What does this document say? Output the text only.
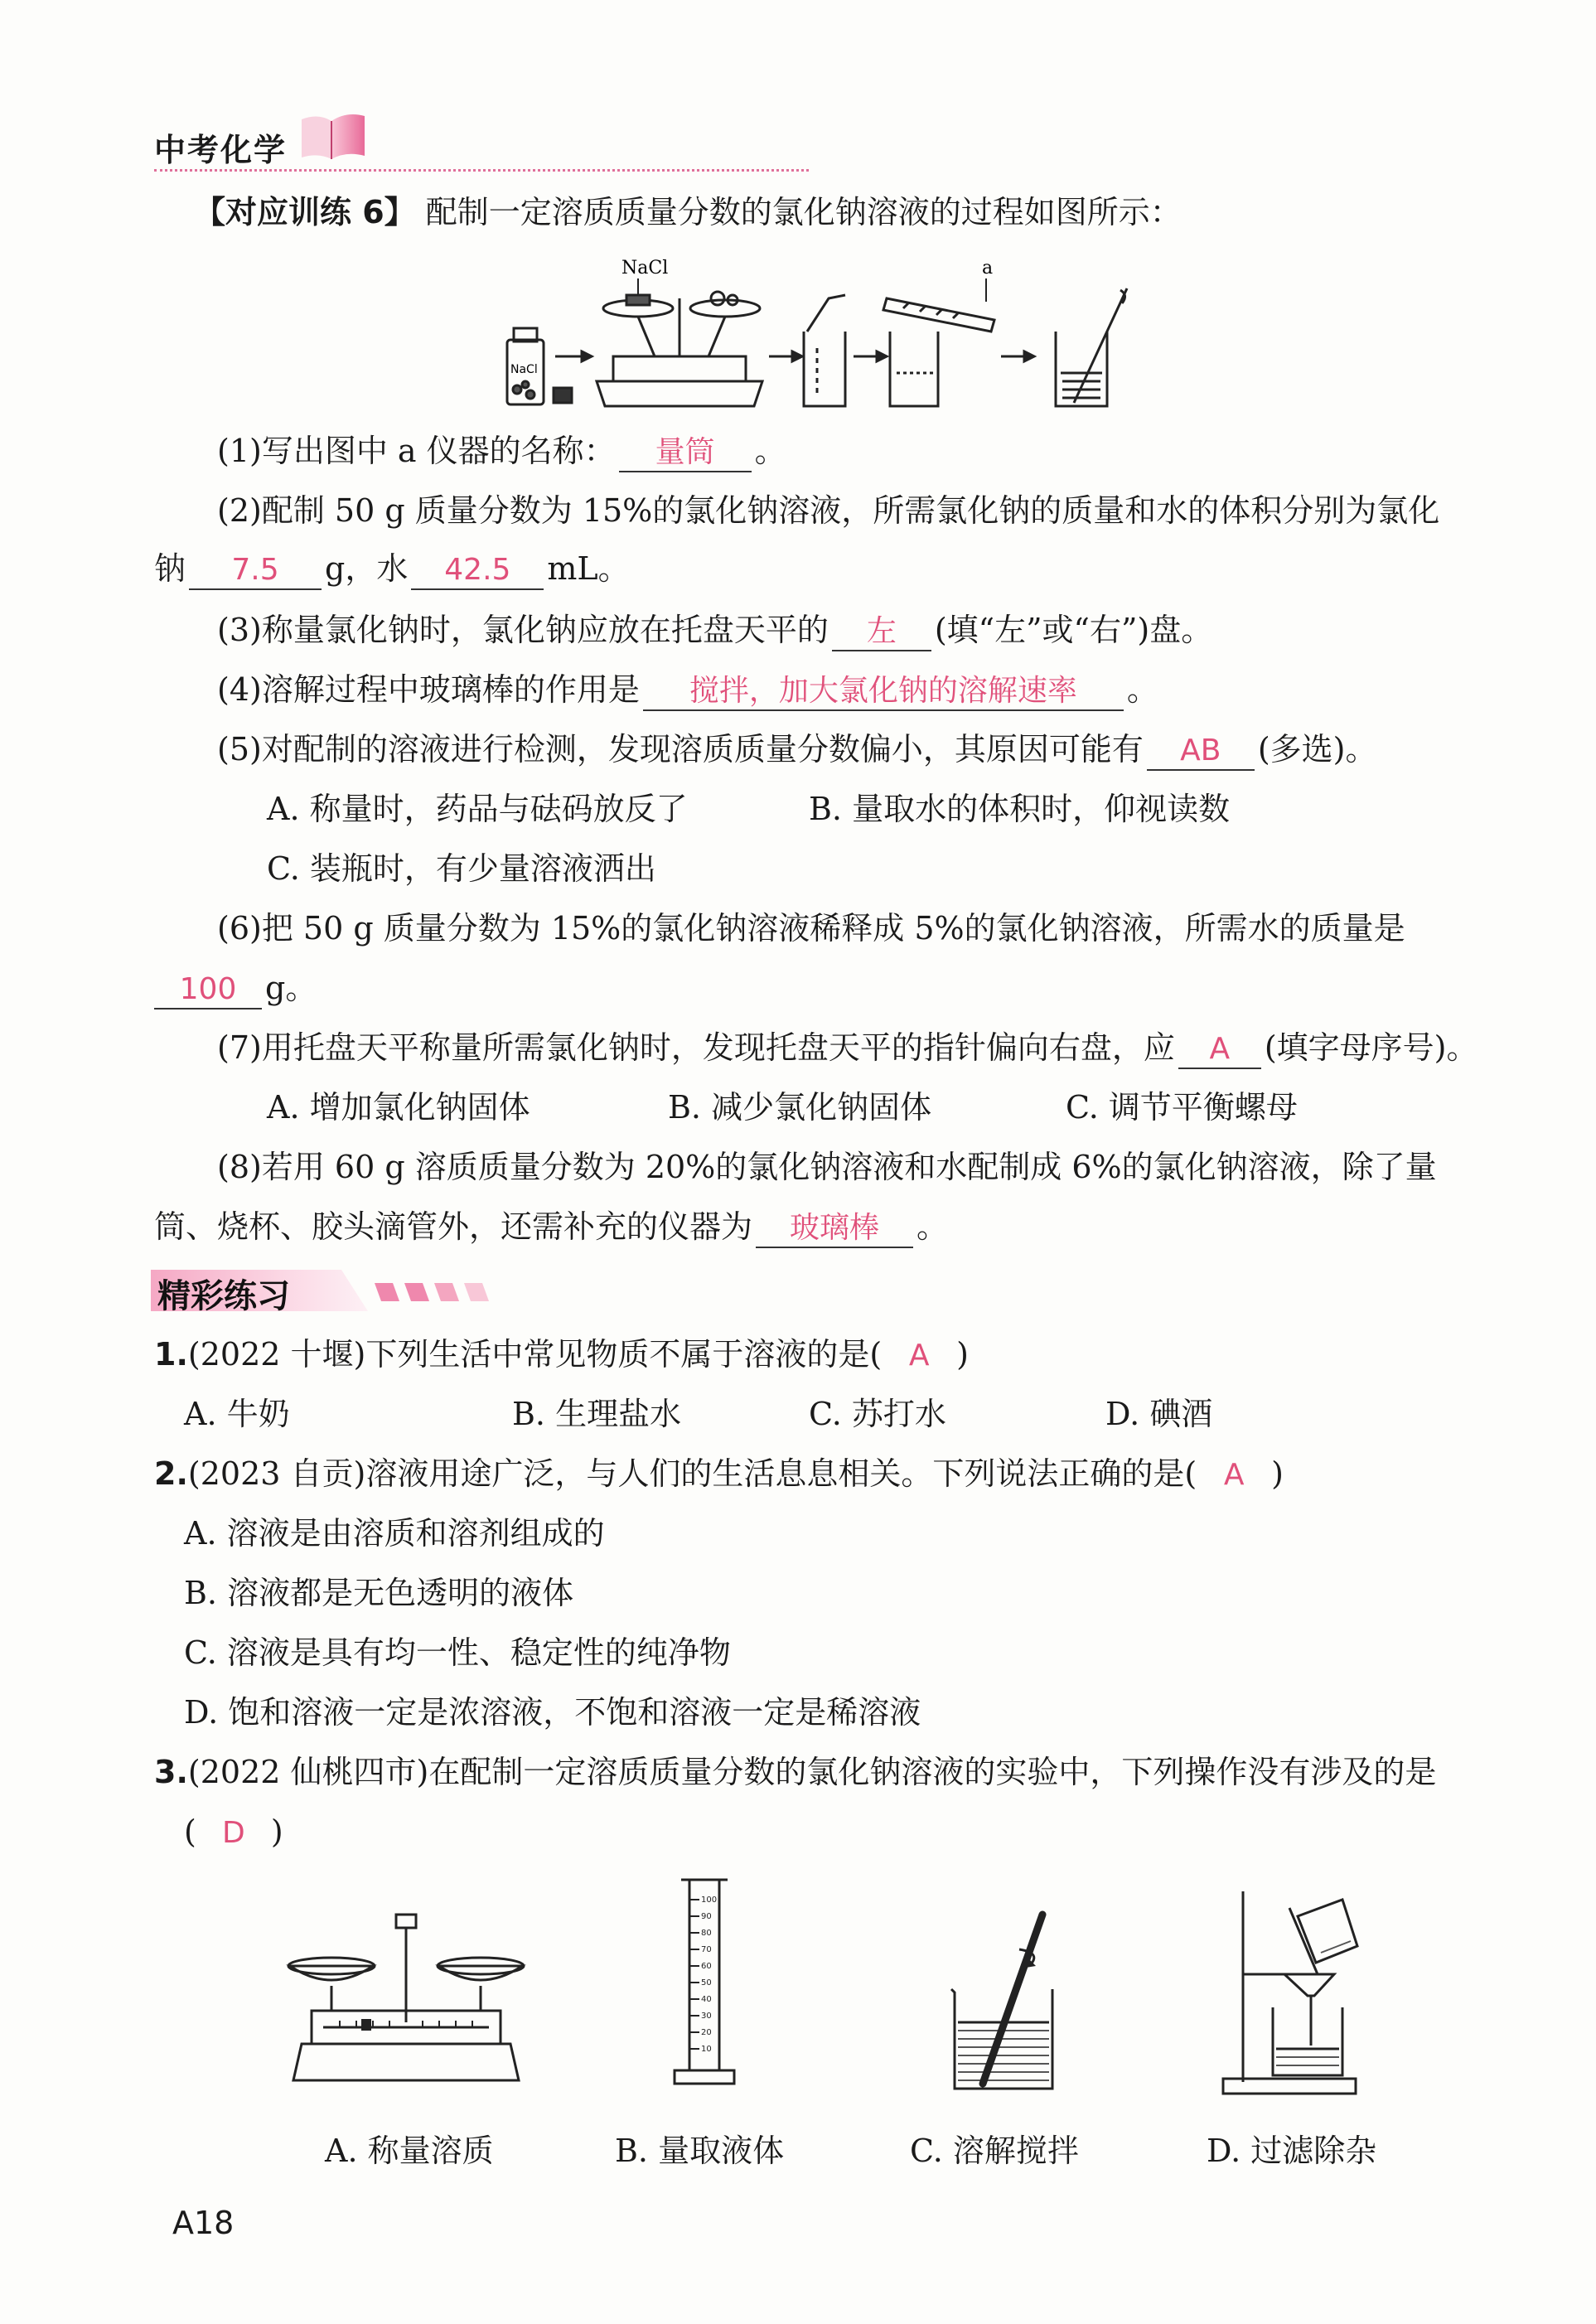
中考化学
【对应训练 6】 配制一定溶质质量分数的氯化钠溶液的过程如图所示：
NaCl
NaCl	a
(1)写出图中 a 仪器的名称： 量筒 。
(2)配制 50 g 质量分数为 15%的氯化钠溶液，所需氯化钠的质量和水的体积分别为氯化
钠 7.5 g，水 42.5 mL。
(3)称量氯化钠时，氯化钠应放在托盘天平的 左 (填“左”或“右”)盘。
(4)溶解过程中玻璃棒的作用是 搅拌，加大氯化钠的溶解速率 。
(5)对配制的溶液进行检测，发现溶质质量分数偏小，其原因可能有 AB (多选)。
A. 称量时，药品与砝码放反了	B. 量取水的体积时，仰视读数
C. 装瓶时，有少量溶液洒出
(6)把 50 g 质量分数为 15%的氯化钠溶液稀释成 5%的氯化钠溶液，所需水的质量是
100 g。
(7)用托盘天平称量所需氯化钠时，发现托盘天平的指针偏向右盘，应 A (填字母序号)。
A. 增加氯化钠固体	B. 减少氯化钠固体	C. 调节平衡螺母
(8)若用 60 g 溶质质量分数为 20%的氯化钠溶液和水配制成 6%的氯化钠溶液，除了量
筒、烧杯、胶头滴管外，还需补充的仪器为 玻璃棒 。
精彩练习
1.(2022 十堰)下列生活中常见物质不属于溶液的是( A )
A. 牛奶	B. 生理盐水	C. 苏打水	D. 碘酒
2.(2023 自贡)溶液用途广泛，与人们的生活息息相关。下列说法正确的是( A )
A. 溶液是由溶质和溶剂组成的
B. 溶液都是无色透明的液体
C. 溶液是具有均一性、稳定性的纯净物
D. 饱和溶液一定是浓溶液，不饱和溶液一定是稀溶液
3.(2022 仙桃四市)在配制一定溶质质量分数的氯化钠溶液的实验中，下列操作没有涉及的是
( D )
A. 称量溶质
100
90
80
70
60
50
40
30
20
10
B. 量取液体	C. 溶解搅拌	D. 过滤除杂
A18
